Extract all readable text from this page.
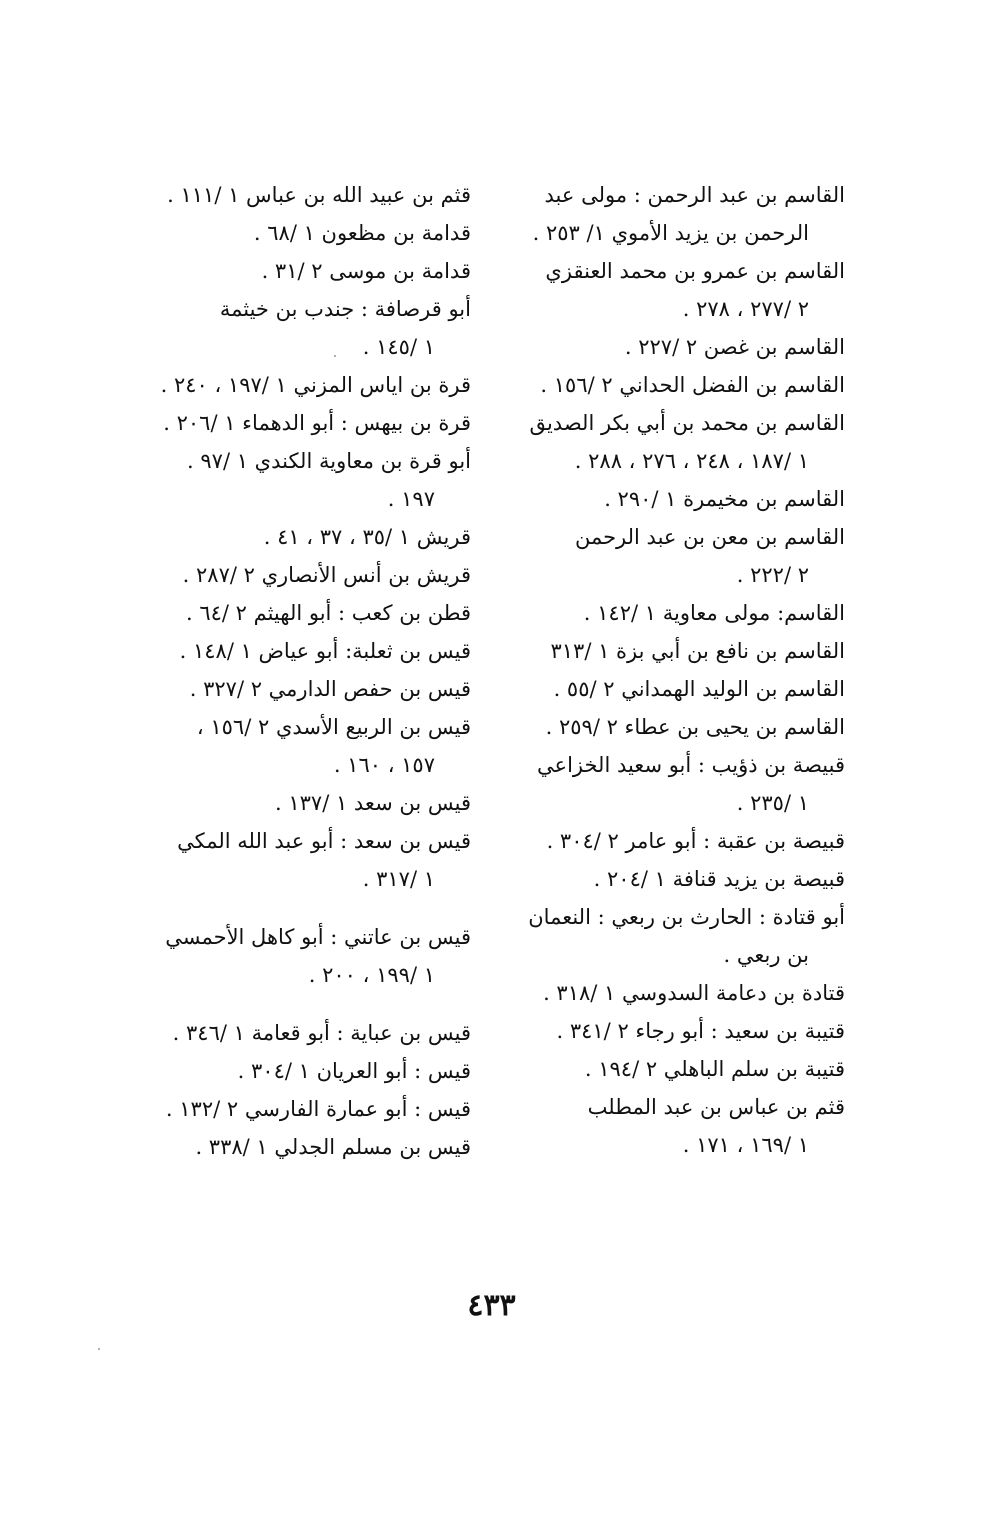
القاسم بن عبد الرحمن : مولى عبد
الرحمن بن يزيد الأموي ١/ ٢٥٣ .
القاسم بن عمرو بن محمد العنقزي
٢ /٢٧٧ ، ٢٧٨ .
القاسم بن غصن ٢ /٢٢٧ .
القاسم بن الفضل الحداني ٢ /١٥٦ .
القاسم بن محمد بن أبي بكر الصديق
١ /١٨٧ ، ٢٤٨ ، ٢٧٦ ، ٢٨٨ .
القاسم بن مخيمرة ١ /٢٩٠ .
القاسم بن معن بن عبد الرحمن
٢ /٢٢٢ .
القاسم: مولى معاوية ١ /١٤٢ .
القاسم بن نافع بن أبي بزة ١ /٣١٣
القاسم بن الوليد الهمداني ٢ /٥٥ .
القاسم بن يحيى بن عطاء ٢ /٢٥٩ .
قبيصة بن ذؤيب : أبو سعيد الخزاعي
١ /٢٣٥ .
قبيصة بن عقبة : أبو عامر ٢ /٣٠٤ .
قبيصة بن يزيد قنافة ١ /٢٠٤ .
أبو قتادة : الحارث بن ربعي : النعمان
بن ربعي .
قتادة بن دعامة السدوسي ١ /٣١٨ .
قتيبة بن سعيد : أبو رجاء ٢ /٣٤١ .
قتيبة بن سلم الباهلي ٢ /١٩٤ .
قثم بن عباس بن عبد المطلب
١ /١٦٩ ، ١٧١ .
قثم بن عبيد الله بن عباس ١ /١١١ .
قدامة بن مظعون ١ /٦٨ .
قدامة بن موسى ٢ /٣١ .
أبو قرصافة : جندب بن خيثمة
١ /١٤٥ .
قرة بن اياس المزني ١ /١٩٧ ، ٢٤٠ .
قرة بن بيهس : أبو الدهماء ١ /٢٠٦ .
أبو قرة بن معاوية الكندي ١ /٩٧ .
١٩٧ .
قريش ١ /٣٥ ، ٣٧ ، ٤١ .
قريش بن أنس الأنصاري ٢ /٢٨٧ .
قطن بن كعب : أبو الهيثم ٢ /٦٤ .
قيس بن ثعلبة: أبو عياض ١ /١٤٨ .
قيس بن حفص الدارمي ٢ /٣٢٧ .
قيس بن الربيع الأسدي ٢ /١٥٦ ،
١٥٧ ، ١٦٠ .
قيس بن سعد ١ /١٣٧ .
قيس بن سعد : أبو عبد الله المكي
١ /٣١٧ .
قيس بن عاتني : أبو كاهل الأحمسي
١ /١٩٩ ، ٢٠٠ .
قيس بن عباية : أبو قعامة ١ /٣٤٦ .
قيس : أبو العريان ١ /٣٠٤ .
قيس : أبو عمارة الفارسي ٢ /١٣٢ .
قيس بن مسلم الجدلي ١ /٣٣٨ .
٤٣٣
